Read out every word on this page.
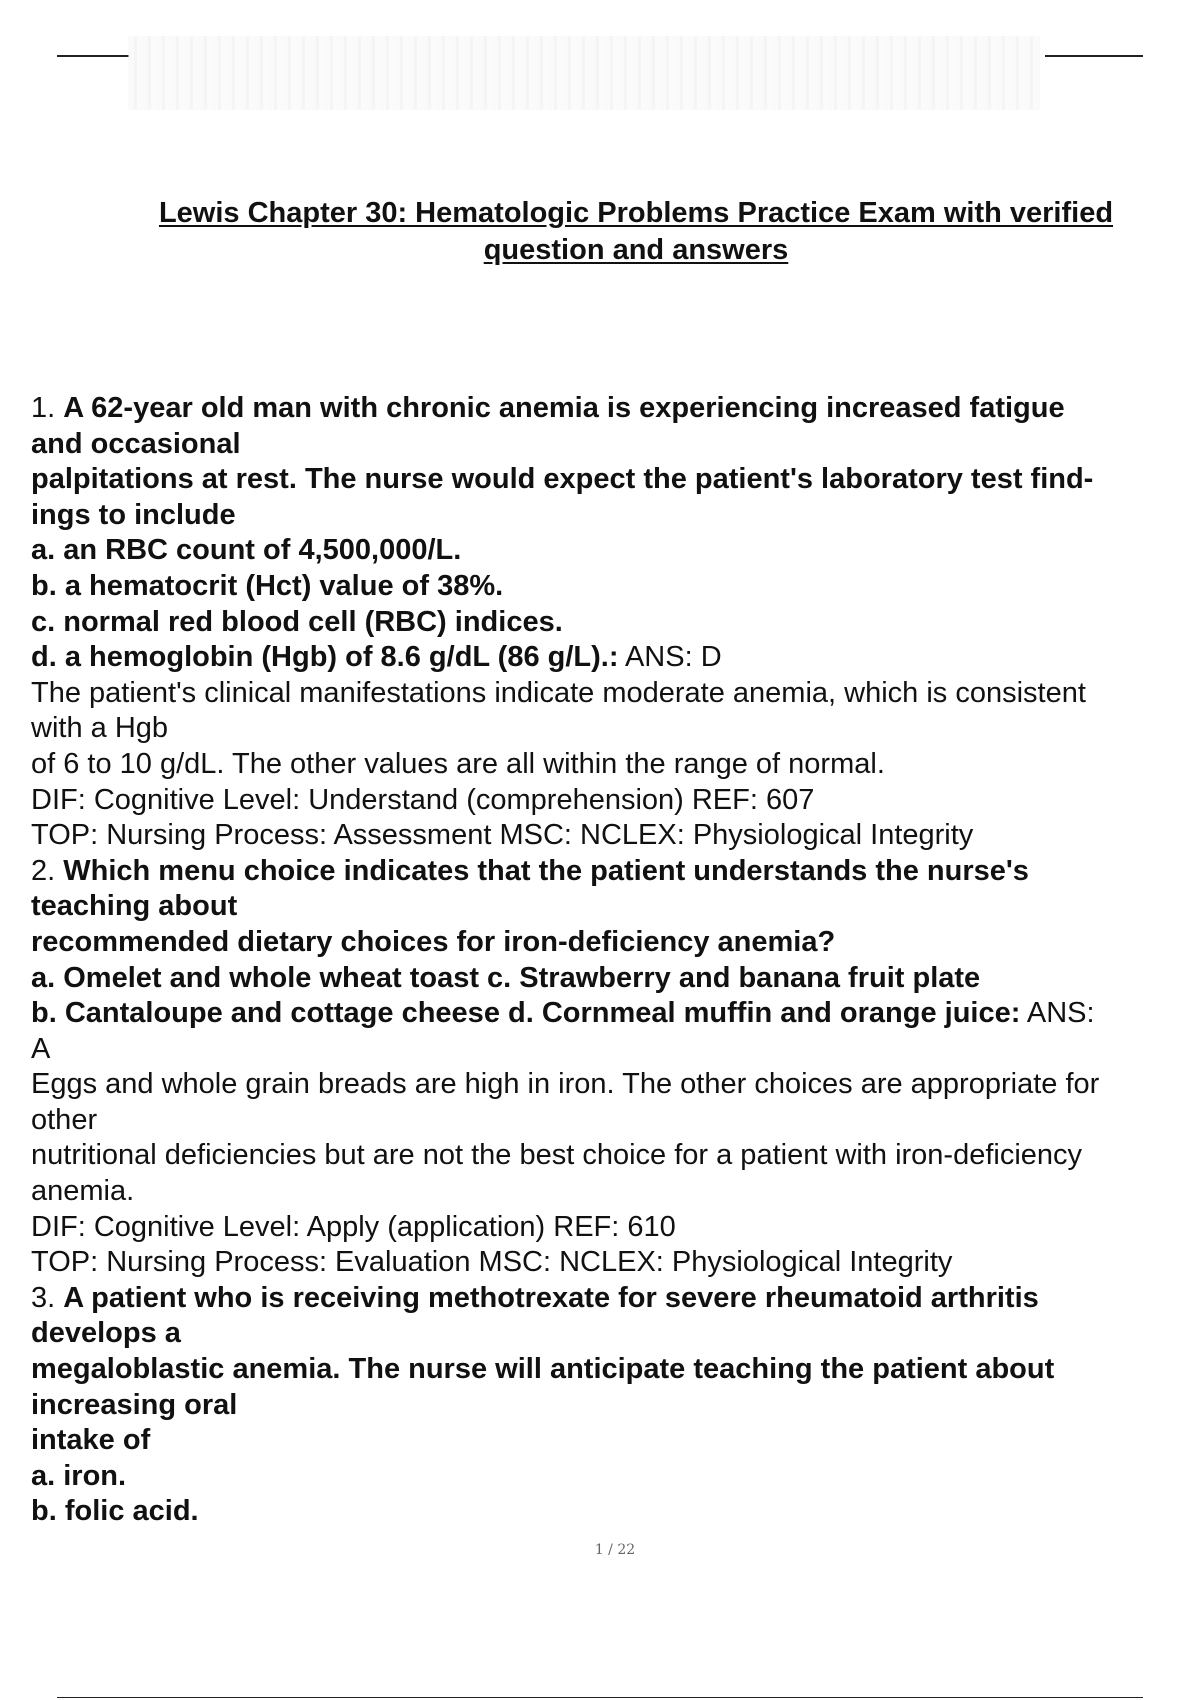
Lewis Chapter 30: Hematologic Problems Practice Exam with verified
question and answers
1. A 62-year old man with chronic anemia is experiencing increased fatigue
and occasional
palpitations at rest. The nurse would expect the patient's laboratory test find-
ings to include
a. an RBC count of 4,500,000/L.
b. a hematocrit (Hct) value of 38%.
c. normal red blood cell (RBC) indices.
d. a hemoglobin (Hgb) of 8.6 g/dL (86 g/L).: ANS: D
The patient's clinical manifestations indicate moderate anemia, which is consistent
with a Hgb
of 6 to 10 g/dL. The other values are all within the range of normal.
DIF: Cognitive Level: Understand (comprehension) REF: 607
TOP: Nursing Process: Assessment MSC: NCLEX: Physiological Integrity
2. Which menu choice indicates that the patient understands the nurse's
teaching about
recommended dietary choices for iron-deficiency anemia?
a. Omelet and whole wheat toast c. Strawberry and banana fruit plate
b. Cantaloupe and cottage cheese d. Cornmeal muffin and orange juice: ANS:
A
Eggs and whole grain breads are high in iron. The other choices are appropriate for
other
nutritional deficiencies but are not the best choice for a patient with iron-deficiency
anemia.
DIF: Cognitive Level: Apply (application) REF: 610
TOP: Nursing Process: Evaluation MSC: NCLEX: Physiological Integrity
3. A patient who is receiving methotrexate for severe rheumatoid arthritis
develops a
megaloblastic anemia. The nurse will anticipate teaching the patient about
increasing oral
intake of
a. iron.
b. folic acid.
1 / 22
